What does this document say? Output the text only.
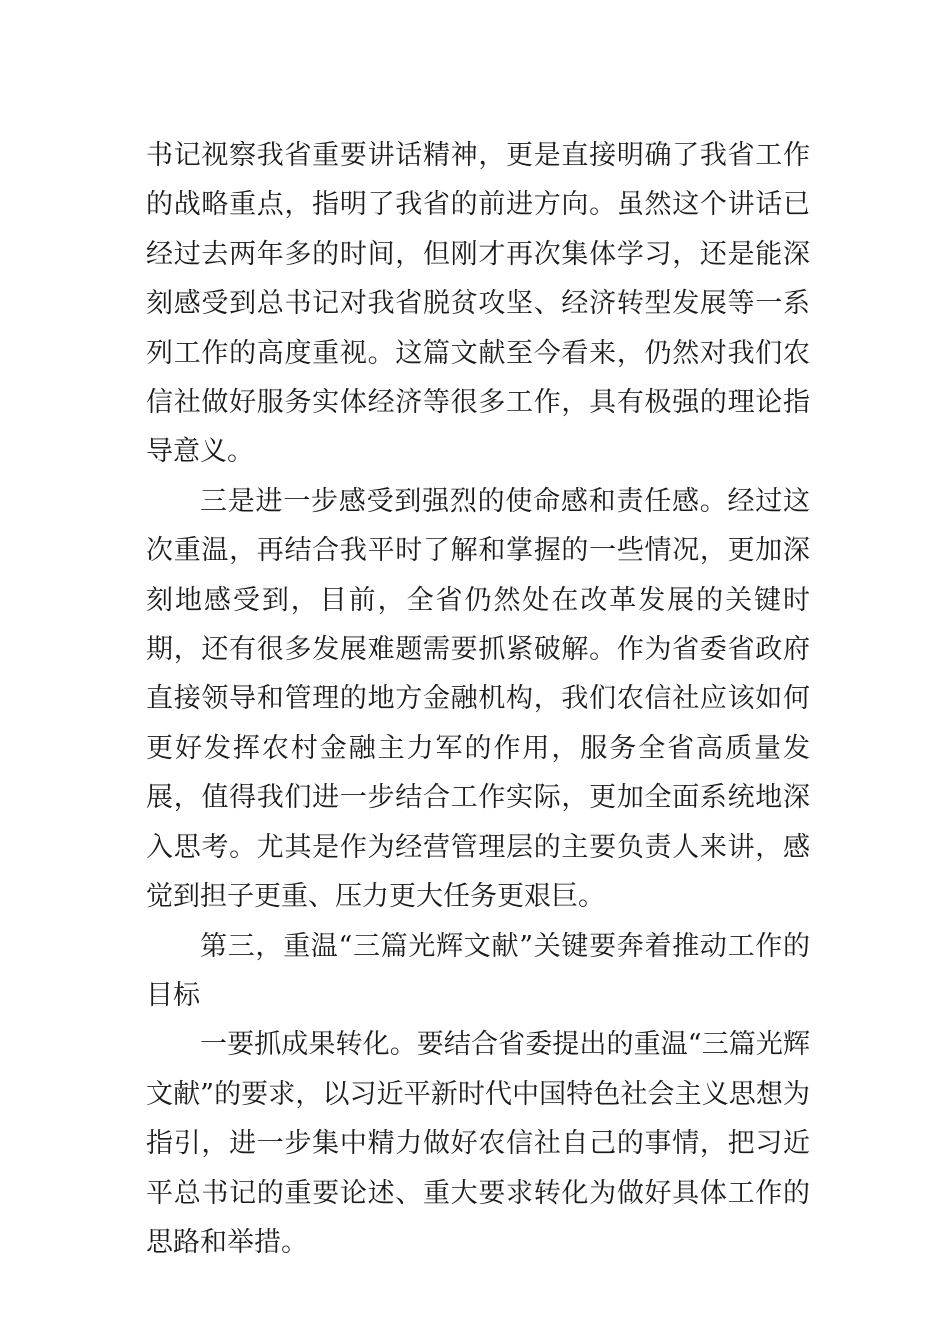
书记视察我省重要讲话精神，更是直接明确了我省工作的战略重点，指明了我省的前进方向。虽然这个讲话已经过去两年多的时间，但刚才再次集体学习，还是能深刻感受到总书记对我省脱贫攻坚、经济转型发展等一系列工作的高度重视。这篇文献至今看来，仍然对我们农信社做好服务实体经济等很多工作，具有极强的理论指导意义。

三是进一步感受到强烈的使命感和责任感。经过这次重温，再结合我平时了解和掌握的一些情况，更加深刻地感受到，目前，全省仍然处在改革发展的关键时期，还有很多发展难题需要抓紧破解。作为省委省政府直接领导和管理的地方金融机构，我们农信社应该如何更好发挥农村金融主力军的作用，服务全省高质量发展，值得我们进一步结合工作实际，更加全面系统地深入思考。尤其是作为经营管理层的主要负责人来讲，感觉到担子更重、压力更大任务更艰巨。

第三，重温“三篇光辉文献”关键要奔着推动工作的目标

一要抓成果转化。要结合省委提出的重温“三篇光辉文献”的要求，以习近平新时代中国特色社会主义思想为指引，进一步集中精力做好农信社自己的事情，把习近平总书记的重要论述、重大要求转化为做好具体工作的思路和举措。
